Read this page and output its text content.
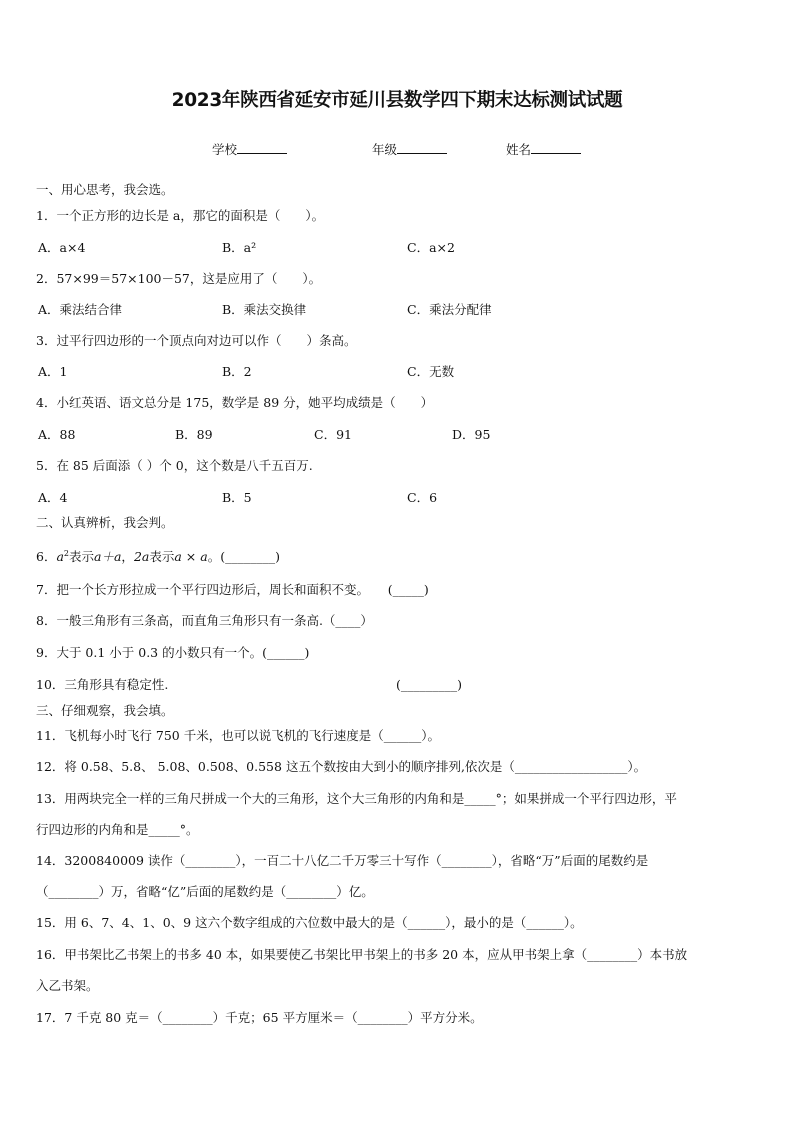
2023年陕西省延安市延川县数学四下期末达标测试试题
学校	年级	姓名
一、用心思考，我会选。
1．一个正方形的边长是 a，那它的面积是（　　）。
A．a×4	B．a²	C．a×2
2．57×99＝57×100－57，这是应用了（　　）。
A．乘法结合律	B．乘法交换律	C．乘法分配律
3．过平行四边形的一个顶点向对边可以作（　　）条高。
A．1	B．2	C．无数
4．小红英语、语文总分是 175，数学是 89 分，她平均成绩是（　　）
A．88	B．89	C．91	D．95
5．在 85 后面添（ ）个 0，这个数是八千五百万.
A．4	B．5	C．6
二、认真辨析，我会判。
6．$a^2$表示a＋a，2a表示a × a。(________)
7．把一个长方形拉成一个平行四边形后，周长和面积不变。　　(_____)
8．一般三角形有三条高，而直角三角形只有一条高.（____）
9．大于 0.1 小于 0.3 的小数只有一个。(______)
10．三角形具有稳定性.	(_________)
三、仔细观察，我会填。
11．飞机每小时飞行 750 千米，也可以说飞机的飞行速度是（______）。
12．将 0.58、5.8、 5.08、0.508、0.558 这五个数按由大到小的顺序排列,依次是（__________________）。
13．用两块完全一样的三角尺拼成一个大的三角形，这个大三角形的内角和是_____°；如果拼成一个平行四边形，平
行四边形的内角和是_____°。
14．3200840009 读作（________），一百二十八亿二千万零三十写作（________），省略“万”后面的尾数约是
（________）万，省略“亿”后面的尾数约是（________）亿。
15．用 6、7、4、1、0、9 这六个数字组成的六位数中最大的是（______），最小的是（______）。
16．甲书架比乙书架上的书多 40 本，如果要使乙书架比甲书架上的书多 20 本，应从甲书架上拿（________）本书放
入乙书架。
17．7 千克 80 克＝（________）千克；65 平方厘米＝（________）平方分米。
